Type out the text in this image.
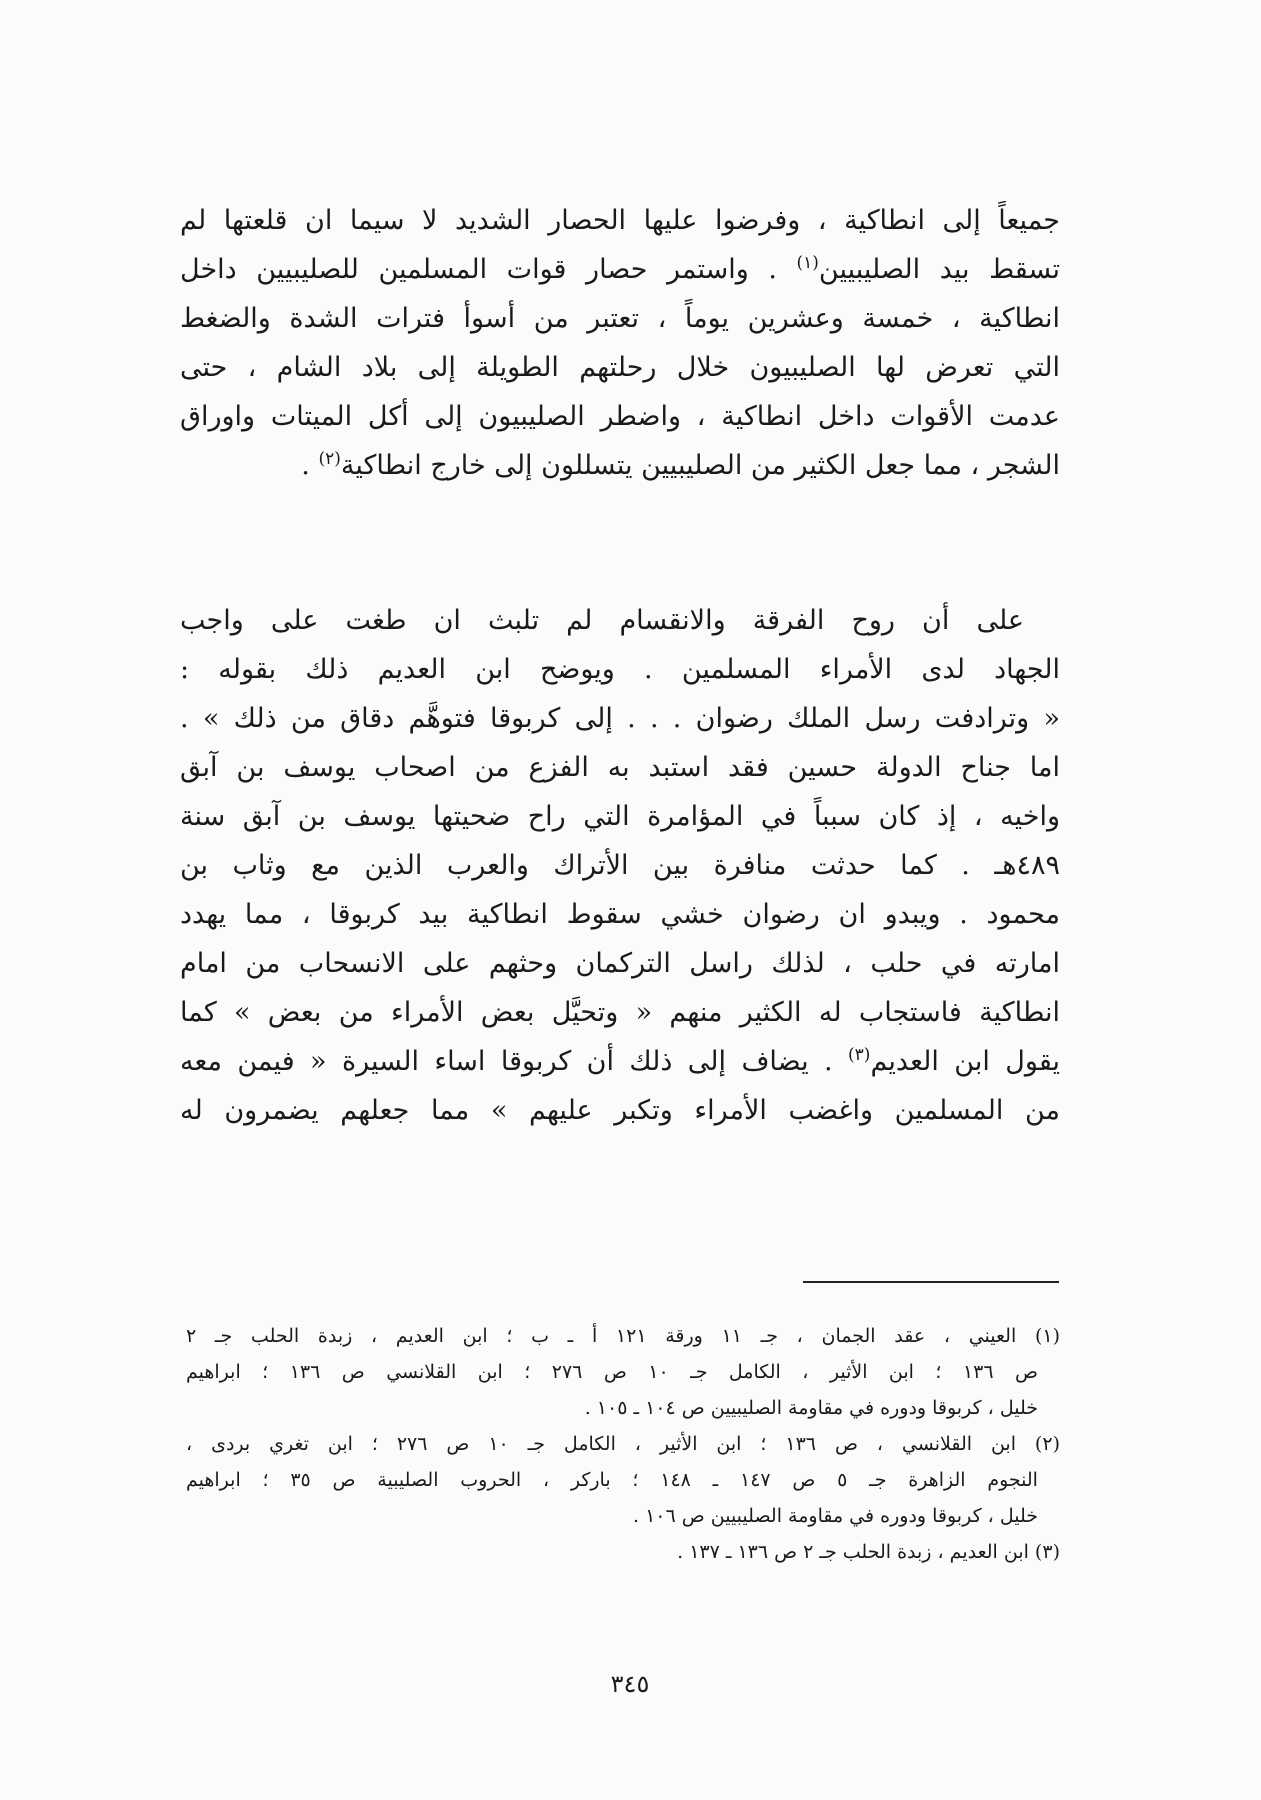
جميعاً إلى انطاكية ، وفرضوا عليها الحصار الشديد لا سيما ان قلعتها لم
تسقط بيد الصليبيين$^{(١)}$ . واستمر حصار قوات المسلمين للصليبيين داخل
انطاكية ، خمسة وعشرين يوماً ، تعتبر من أسوأ فترات الشدة والضغط
التي تعرض لها الصليبيون خلال رحلتهم الطويلة إلى بلاد الشام ، حتى
عدمت الأقوات داخل انطاكية ، واضطر الصليبيون إلى أكل الميتات واوراق
الشجر ، مما جعل الكثير من الصليبيين يتسللون إلى خارج انطاكية$^{(٢)}$ .
على أن روح الفرقة والانقسام لم تلبث ان طغت على واجب
الجهاد لدى الأمراء المسلمين . ويوضح ابن العديم ذلك بقوله :
« وترادفت رسل الملك رضوان . . . إلى كربوقا فتوهَّم دقاق من ذلك » .
اما جناح الدولة حسين فقد استبد به الفزع من اصحاب يوسف بن آبق
واخيه ، إذ كان سبباً في المؤامرة التي راح ضحيتها يوسف بن آبق سنة
٤٨٩هـ . كما حدثت منافرة بين الأتراك والعرب الذين مع وثاب بن
محمود . ويبدو ان رضوان خشي سقوط انطاكية بيد كربوقا ، مما يهدد
امارته في حلب ، لذلك راسل التركمان وحثهم على الانسحاب من امام
انطاكية فاستجاب له الكثير منهم « وتحيَّل بعض الأمراء من بعض » كما
يقول ابن العديم$^{(٣)}$ . يضاف إلى ذلك أن كربوقا اساء السيرة « فيمن معه
من المسلمين واغضب الأمراء وتكبر عليهم » مما جعلهم يضمرون له
(١) العيني ، عقد الجمان ، جـ ١١ ورقة ١٢١ أ ـ ب ؛ ابن العديم ، زبدة الحلب جـ ٢
ص ١٣٦ ؛ ابن الأثير ، الكامل جـ ١٠ ص ٢٧٦ ؛ ابن القلانسي ص ١٣٦ ؛ ابراهيم
خليل ، كربوقا ودوره في مقاومة الصليبيين ص ١٠٤ ـ ١٠٥ .
(٢) ابن القلانسي ، ص ١٣٦ ؛ ابن الأثير ، الكامل جـ ١٠ ص ٢٧٦ ؛ ابن تغري بردى ،
النجوم الزاهرة جـ ٥ ص ١٤٧ ـ ١٤٨ ؛ باركر ، الحروب الصليبية ص ٣٥ ؛ ابراهيم
خليل ، كربوقا ودوره في مقاومة الصليبيين ص ١٠٦ .
(٣) ابن العديم ، زبدة الحلب جـ ٢ ص ١٣٦ ـ ١٣٧ .
٣٤٥
